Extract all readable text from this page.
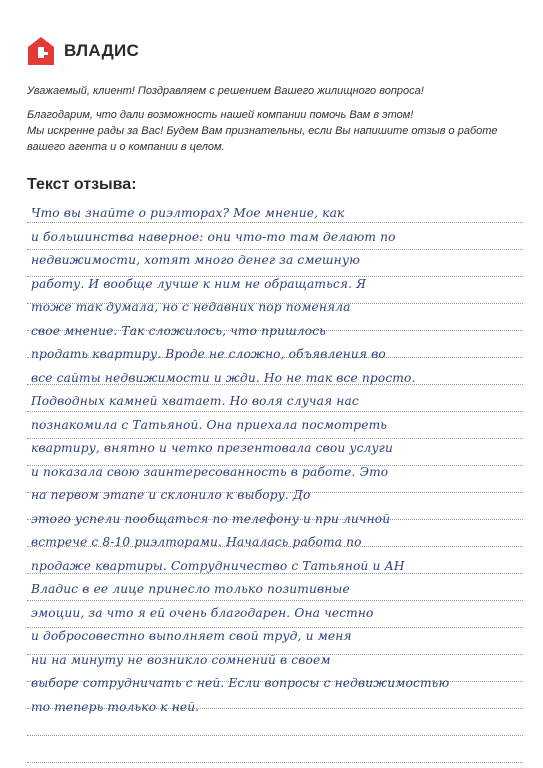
ВЛАДИС

Уважаемый, клиент! Поздравляем с решением Вашего жилищного вопроса!

Благодарим, что дали возможность нашей компании помочь Вам в этом!

Мы искренне рады за Вас! Будем Вам признательны, если Вы напишите отзыв о работе вашего агента и о компании в целом.

Текст отзыва:
Что вы знайте о риэлторах? Мое мнение, как
и большинства наверное: они что-то там делают по
недвижимости, хотят много денег за смешную
работу. И вообще лучше к ним не обращаться. Я
тоже так думала, но с недавних пор поменяла
свое мнение. Так сложилось, что пришлось
продать квартиру. Вроде не сложно, объявления во
все сайты недвижимости и жди. Но не так все просто.
Подводных камней хватает. Но воля случая нас
познакомила с Татьяной. Она приехала посмотреть
квартиру, внятно и четко презентовала свои услуги
и показала свою заинтересованность в работе. Это
на первом этапе и склонило к выбору. До
этого успели пообщаться по телефону и при личной
встрече с 8-10 риэлторами. Началась работа по
продаже квартиры. Сотрудничество с Татьяной и АН
Владис в ее лице принесло только позитивные
эмоции, за что я ей очень благодарен. Она честно
и добросовестно выполняет свой труд, и меня
ни на минуту не возникло сомнений в своем
выборе сотрудничать с ней. Если вопросы с недвижимостью
то теперь только к ней.
